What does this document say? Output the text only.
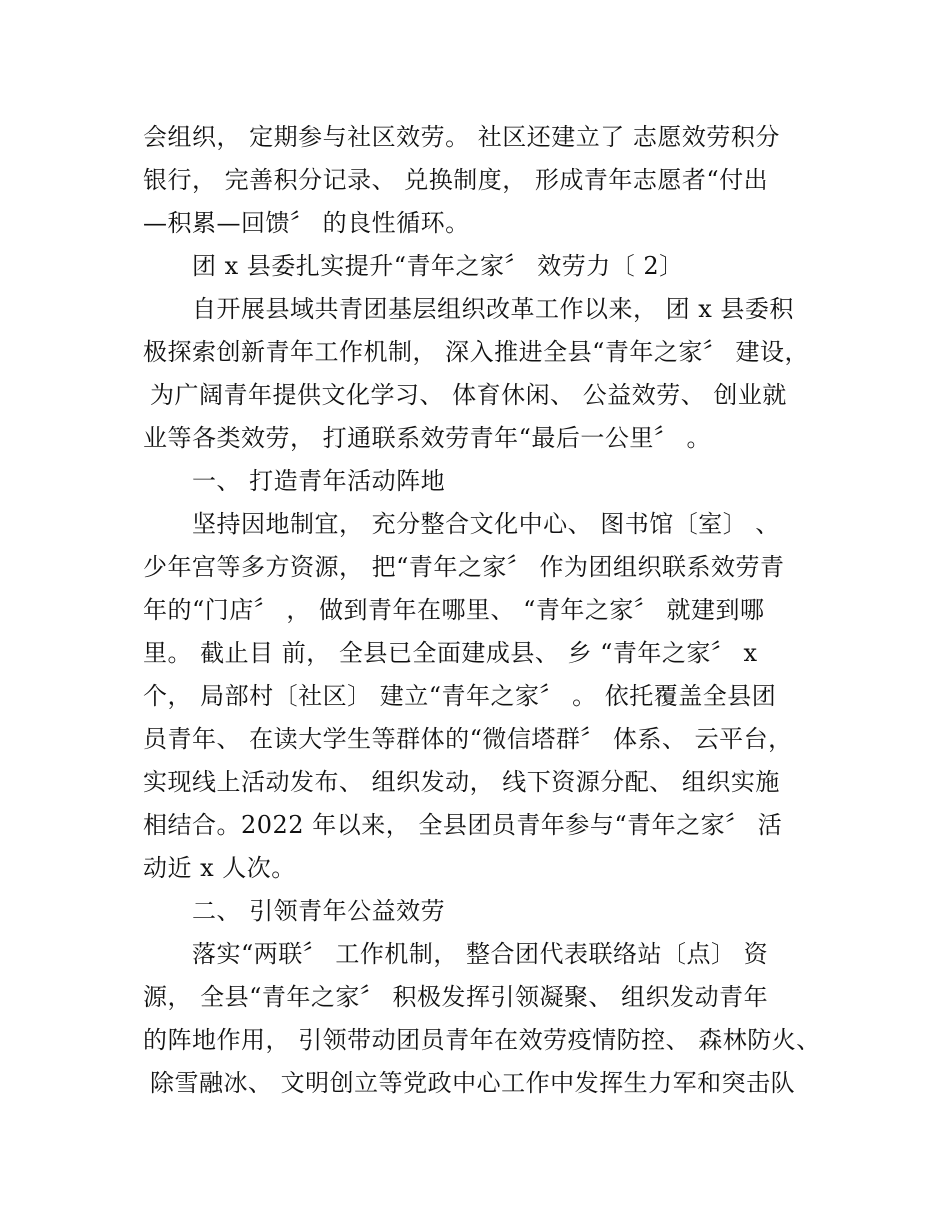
会组织， 定期参与社区效劳。 社区还建立了 志愿效劳积分
银行， 完善积分记录、 兑换制度， 形成青年志愿者“付出
—积累—回馈〞 的良性循环。
团 x 县委扎实提升“青年之家〞 效劳力〔 2〕
自开展县域共青团基层组织改革工作以来， 团 x 县委积
极探索创新青年工作机制， 深入推进全县“青年之家〞 建设，
为广阔青年提供文化学习、 体育休闲、 公益效劳、 创业就
业等各类效劳， 打通联系效劳青年“最后一公里〞 。
一、 打造青年活动阵地
坚持因地制宜， 充分整合文化中心、 图书馆〔室〕 、
少年宫等多方资源， 把“青年之家〞 作为团组织联系效劳青
年的“门店〞 ， 做到青年在哪里、 “青年之家〞 就建到哪
里。 截止目 前， 全县已全面建成县、 乡 “青年之家〞 x
个， 局部村〔社区〕 建立“青年之家〞 。 依托覆盖全县团
员青年、 在读大学生等群体的“微信塔群〞 体系、 云平台，
实现线上活动发布、 组织发动， 线下资源分配、 组织实施
相结合。2022 年以来， 全县团员青年参与“青年之家〞 活
动近 x 人次。
二、 引领青年公益效劳
落实“两联〞 工作机制， 整合团代表联络站〔点〕 资
源， 全县“青年之家〞 积极发挥引领凝聚、 组织发动青年
的阵地作用， 引领带动团员青年在效劳疫情防控、 森林防火、
除雪融冰、 文明创立等党政中心工作中发挥生力军和突击队
